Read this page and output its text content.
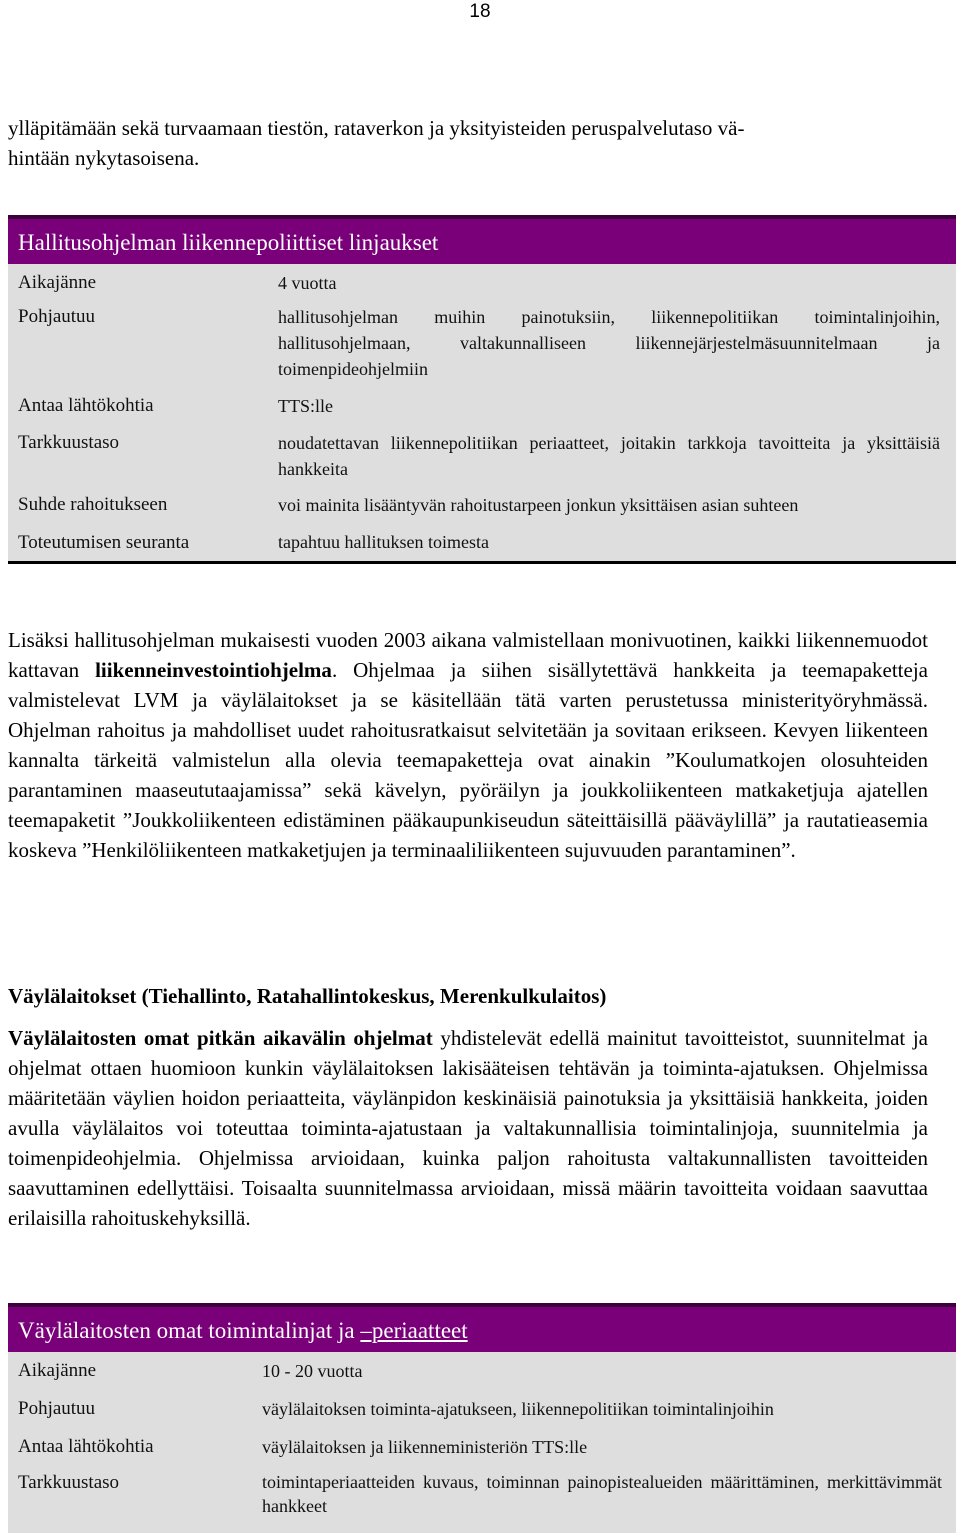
18
ylläpitämään sekä turvaamaan tiestön, rataverkon ja yksityisteiden peruspalvelutaso vä-
hintään nykytasoisena.
Hallitusohjelman liikennepoliittiset linjaukset
Aikajänne	4 vuotta
Pohjautuu	hallitusohjelman muihin painotuksiin, liikennepolitiikan toimintalinjoihin, hallitusohjelmaan, valtakunnalliseen liikennejärjestelmäsuunnitelmaan ja toimenpideohjelmiin
Antaa lähtökohtia	TTS:lle
Tarkkuustaso	noudatettavan liikennepolitiikan periaatteet, joitakin tarkkoja tavoitteita ja yksittäisiä hankkeita
Suhde rahoitukseen	voi mainita lisääntyvän rahoitustarpeen jonkun yksittäisen asian suhteen
Toteutumisen seuranta	tapahtuu hallituksen toimesta
Lisäksi hallitusohjelman mukaisesti vuoden 2003 aikana valmistellaan monivuotinen, kaikki liikennemuodot kattavan liikenneinvestointiohjelma. Ohjelmaa ja siihen sisällytettävä hankkeita ja teemapaketteja valmistelevat LVM ja väylälaitokset ja se käsitellään tätä varten perustetussa ministerityöryhmässä. Ohjelman rahoitus ja mahdolliset uudet rahoitusratkaisut selvitetään ja sovitaan erikseen. Kevyen liikenteen kannalta tärkeitä valmistelun alla olevia teemapaketteja ovat ainakin ”Koulumatkojen olosuhteiden parantaminen maaseututaajamissa” sekä kävelyn, pyöräilyn ja joukkoliikenteen matkaketjuja ajatellen teemapaketit ”Joukkoliikenteen edistäminen pääkaupunkiseudun säteittäisillä pääväylillä” ja rautatieasemia koskeva ”Henkilöliikenteen matkaketjujen ja terminaaliliikenteen sujuvuuden parantaminen”.
Väylälaitokset (Tiehallinto, Ratahallintokeskus, Merenkulkulaitos)
Väylälaitosten omat pitkän aikavälin ohjelmat yhdistelevät edellä mainitut tavoitteistot, suunnitelmat ja ohjelmat ottaen huomioon kunkin väylälaitoksen lakisääteisen tehtävän ja toiminta-ajatuksen. Ohjelmissa määritetään väylien hoidon periaatteita, väylänpidon keskinäisiä painotuksia ja yksittäisiä hankkeita, joiden avulla väylälaitos voi toteuttaa toiminta-ajatustaan ja valtakunnallisia toimintalinjoja, suunnitelmia ja toimenpideohjelmia. Ohjelmissa arvioidaan, kuinka paljon rahoitusta valtakunnallisten tavoitteiden saavuttaminen edellyttäisi. Toisaalta suunnitelmassa arvioidaan, missä määrin tavoitteita voidaan saavuttaa erilaisilla rahoituskehyksillä.
Väylälaitosten omat toimintalinjat ja –periaatteet
Aikajänne	10 - 20 vuotta
Pohjautuu	väylälaitoksen toiminta-ajatukseen, liikennepolitiikan toimintalinjoihin
Antaa lähtökohtia	väylälaitoksen ja liikenneministeriön TTS:lle
Tarkkuustaso	toimintaperiaatteiden kuvaus, toiminnan painopistealueiden määrittäminen, merkittävimmät hankkeet
